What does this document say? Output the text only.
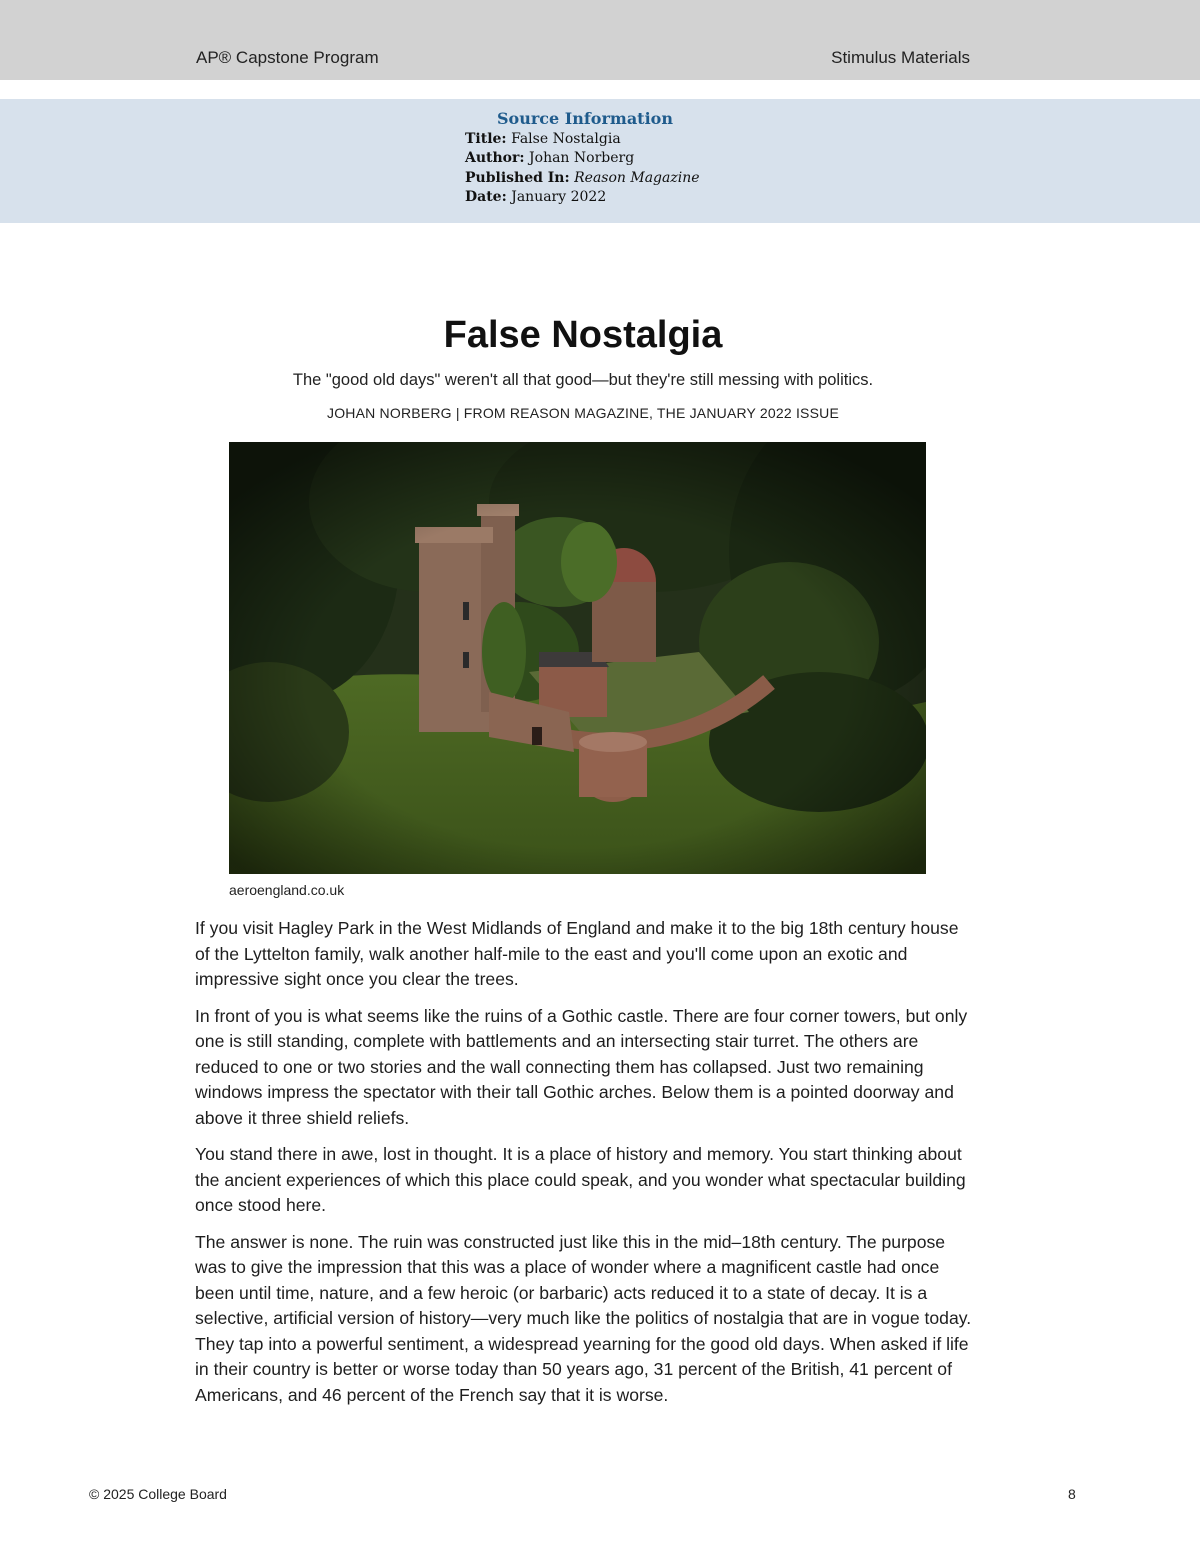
AP® Capstone Program	Stimulus Materials
Source Information
Title: False Nostalgia
Author: Johan Norberg
Published In: Reason Magazine
Date: January 2022
False Nostalgia
The "good old days" weren't all that good—but they're still messing with politics.
JOHAN NORBERG | FROM REASON MAGAZINE, THE JANUARY 2022 ISSUE
aeroengland.co.uk

If you visit Hagley Park in the West Midlands of England and make it to the big 18th century house of the Lyttelton family, walk another half-mile to the east and you'll come upon an exotic and impressive sight once you clear the trees.

In front of you is what seems like the ruins of a Gothic castle. There are four corner towers, but only one is still standing, complete with battlements and an intersecting stair turret. The others are reduced to one or two stories and the wall connecting them has collapsed. Just two remaining windows impress the spectator with their tall Gothic arches. Below them is a pointed doorway and above it three shield reliefs.

You stand there in awe, lost in thought. It is a place of history and memory. You start thinking about the ancient experiences of which this place could speak, and you wonder what spectacular building once stood here.

The answer is none. The ruin was constructed just like this in the mid–18th century. The purpose was to give the impression that this was a place of wonder where a magnificent castle had once been until time, nature, and a few heroic (or barbaric) acts reduced it to a state of decay. It is a selective, artificial version of history—very much like the politics of nostalgia that are in vogue today. They tap into a powerful sentiment, a widespread yearning for the good old days. When asked if life in their country is better or worse today than 50 years ago, 31 percent of the British, 41 percent of Americans, and 46 percent of the French say that it is worse.

© 2025 College Board	8
